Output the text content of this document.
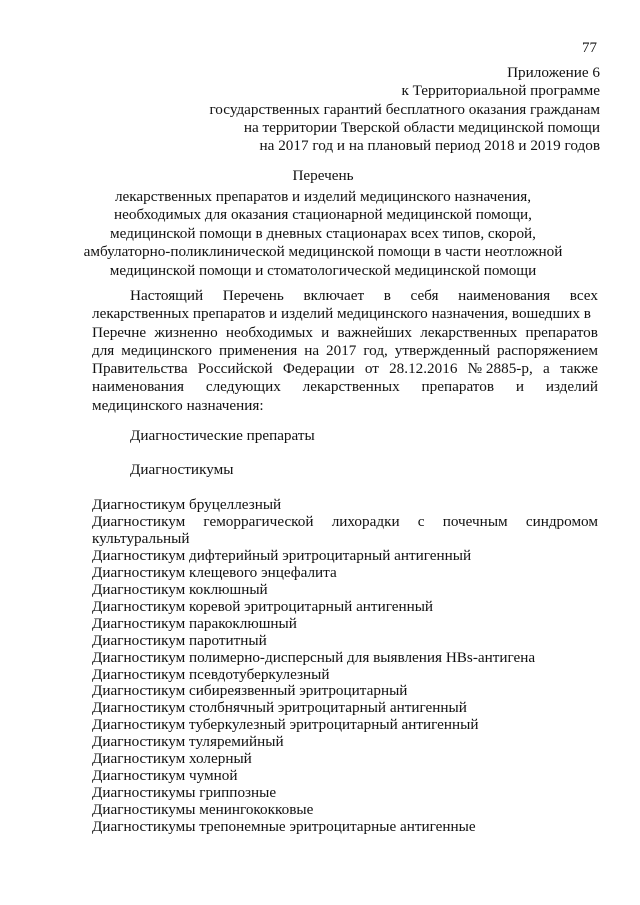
77
Приложение 6
к Территориальной программе
государственных гарантий бесплатного оказания гражданам
на территории Тверской области медицинской помощи
на 2017 год и на плановый период 2018 и 2019 годов
Перечень
лекарственных препаратов и изделий медицинского назначения,
необходимых для оказания стационарной медицинской помощи,
медицинской помощи в дневных стационарах всех типов, скорой,
амбулаторно-поликлинической медицинской помощи в части неотложной
медицинской помощи и стоматологической медицинской помощи
Настоящий Перечень включает в себя наименования всех
лекарственных препаратов и изделий медицинского назначения, вошедших в
Перечне жизненно необходимых и важнейших лекарственных препаратов
для медицинского применения на 2017 год, утвержденный распоряжением
Правительства Российской Федерации от 28.12.2016 № 2885-р, а также
наименования следующих лекарственных препаратов и изделий
медицинского назначения:
Диагностические препараты
Диагностикумы
Диагностикум бруцеллезный
Диагностикум геморрагической лихорадки с почечным синдромом
культуральный
Диагностикум дифтерийный эритроцитарный антигенный
Диагностикум клещевого энцефалита
Диагностикум коклюшный
Диагностикум коревой эритроцитарный антигенный
Диагностикум паракоклюшный
Диагностикум паротитный
Диагностикум полимерно-дисперсный для выявления HBs-антигена
Диагностикум псевдотуберкулезный
Диагностикум сибиреязвенный эритроцитарный
Диагностикум столбнячный эритроцитарный антигенный
Диагностикум туберкулезный эритроцитарный антигенный
Диагностикум туляремийный
Диагностикум холерный
Диагностикум чумной
Диагностикумы гриппозные
Диагностикумы менингококковые
Диагностикумы трепонемные эритроцитарные антигенные
